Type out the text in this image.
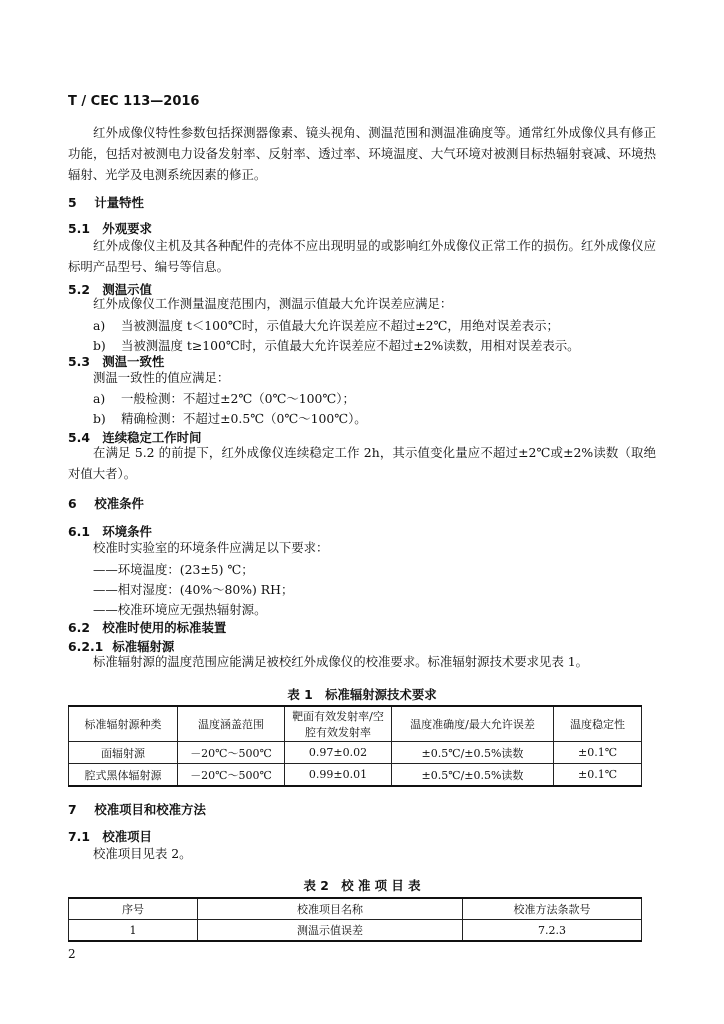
T / CEC 113—2016
红外成像仪特性参数包括探测器像素、镜头视角、测温范围和测温准确度等。通常红外成像仪具有修正功能，包括对被测电力设备发射率、反射率、透过率、环境温度、大气环境对被测目标热辐射衰减、环境热辐射、光学及电测系统因素的修正。
5 计量特性
5.1 外观要求
红外成像仪主机及其各种配件的壳体不应出现明显的或影响红外成像仪正常工作的损伤。红外成像仪应标明产品型号、编号等信息。
5.2 测温示值
红外成像仪工作测量温度范围内，测温示值最大允许误差应满足：
a) 当被测温度 t＜100℃时，示值最大允许误差应不超过±2℃，用绝对误差表示；
b) 当被测温度 t≥100℃时，示值最大允许误差应不超过±2%读数，用相对误差表示。
5.3 测温一致性
测温一致性的值应满足：
a) 一般检测：不超过±2℃（0℃～100℃）；
b) 精确检测：不超过±0.5℃（0℃～100℃）。
5.4 连续稳定工作时间
在满足 5.2 的前提下，红外成像仪连续稳定工作 2h，其示值变化量应不超过±2℃或±2%读数（取绝对值大者）。
6 校准条件
6.1 环境条件
校准时实验室的环境条件应满足以下要求：
——环境温度：(23±5) ℃；
——相对湿度：(40%～80%) RH；
——校准环境应无强热辐射源。
6.2 校准时使用的标准装置
6.2.1 标准辐射源
标准辐射源的温度范围应能满足被校红外成像仪的校准要求。标准辐射源技术要求见表 1。
表 1　标准辐射源技术要求
标准辐射源种类	温度涵盖范围	靶面有效发射率/空腔有效发射率	温度准确度/最大允许误差	温度稳定性
面辐射源	－20℃～500℃	0.97±0.02	±0.5℃/±0.5%读数	±0.1℃
腔式黑体辐射源	－20℃～500℃	0.99±0.01	±0.5℃/±0.5%读数	±0.1℃
7 校准项目和校准方法
7.1 校准项目
校准项目见表 2。
表 2　校 准 项 目 表
序号	校准项目名称	校准方法条款号
1	测温示值误差	7.2.3
2
